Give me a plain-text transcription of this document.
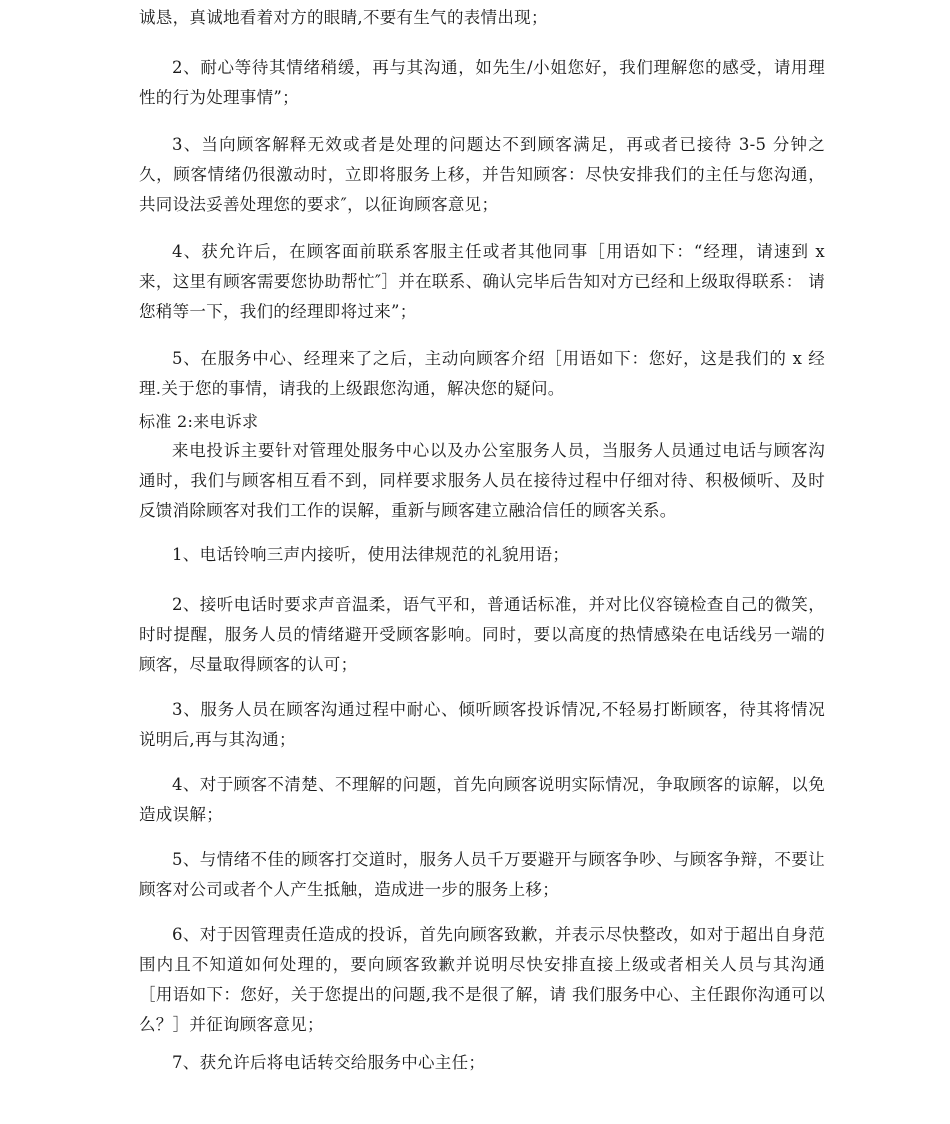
诚恳，真诚地看着对方的眼睛,不要有生气的表情出现；

2、耐心等待其情绪稍缓，再与其沟通，如先生/小姐您好，我们理解您的感受，请用理性的行为处理事情”；

3、当向顾客解释无效或者是处理的问题达不到顾客满足，再或者已接待 3-5 分钟之久，顾客情绪仍很激动时，立即将服务上移，并告知顾客：尽快安排我们的主任与您沟通，共同设法妥善处理您的要求″，以征询顾客意见；

4、获允许后，在顾客面前联系客服主任或者其他同事［用语如下：“经理，请速到 x 来，这里有顾客需要您协助帮忙″］并在联系、确认完毕后告知对方已经和上级取得联系： 请您稍等一下，我们的经理即将过来”；

5、在服务中心、经理来了之后，主动向顾客介绍［用语如下：您好，这是我们的 x 经理.关于您的事情，请我的上级跟您沟通，解决您的疑问。

标准 2:来电诉求

来电投诉主要针对管理处服务中心以及办公室服务人员，当服务人员通过电话与顾客沟通时，我们与顾客相互看不到，同样要求服务人员在接待过程中仔细对待、积极倾听、及时反馈消除顾客对我们工作的误解，重新与顾客建立融洽信任的顾客关系。

1、电话铃响三声内接听，使用法律规范的礼貌用语；

2、接听电话时要求声音温柔，语气平和，普通话标准，并对比仪容镜检查自己的微笑，时时提醒，服务人员的情绪避开受顾客影响。同时，要以高度的热情感染在电话线另一端的顾客，尽量取得顾客的认可；

3、服务人员在顾客沟通过程中耐心、倾听顾客投诉情况,不轻易打断顾客，待其将情况说明后,再与其沟通；

4、对于顾客不清楚、不理解的问题，首先向顾客说明实际情况，争取顾客的谅解，以免造成误解；

5、与情绪不佳的顾客打交道时，服务人员千万要避开与顾客争吵、与顾客争辩，不要让顾客对公司或者个人产生抵触，造成进一步的服务上移；

6、对于因管理责任造成的投诉，首先向顾客致歉，并表示尽快整改，如对于超出自身范围内且不知道如何处理的，要向顾客致歉并说明尽快安排直接上级或者相关人员与其沟通［用语如下：您好，关于您提出的问题,我不是很了解，请 我们服务中心、主任跟你沟通可以么？］并征询顾客意见；

7、获允许后将电话转交给服务中心主任；
